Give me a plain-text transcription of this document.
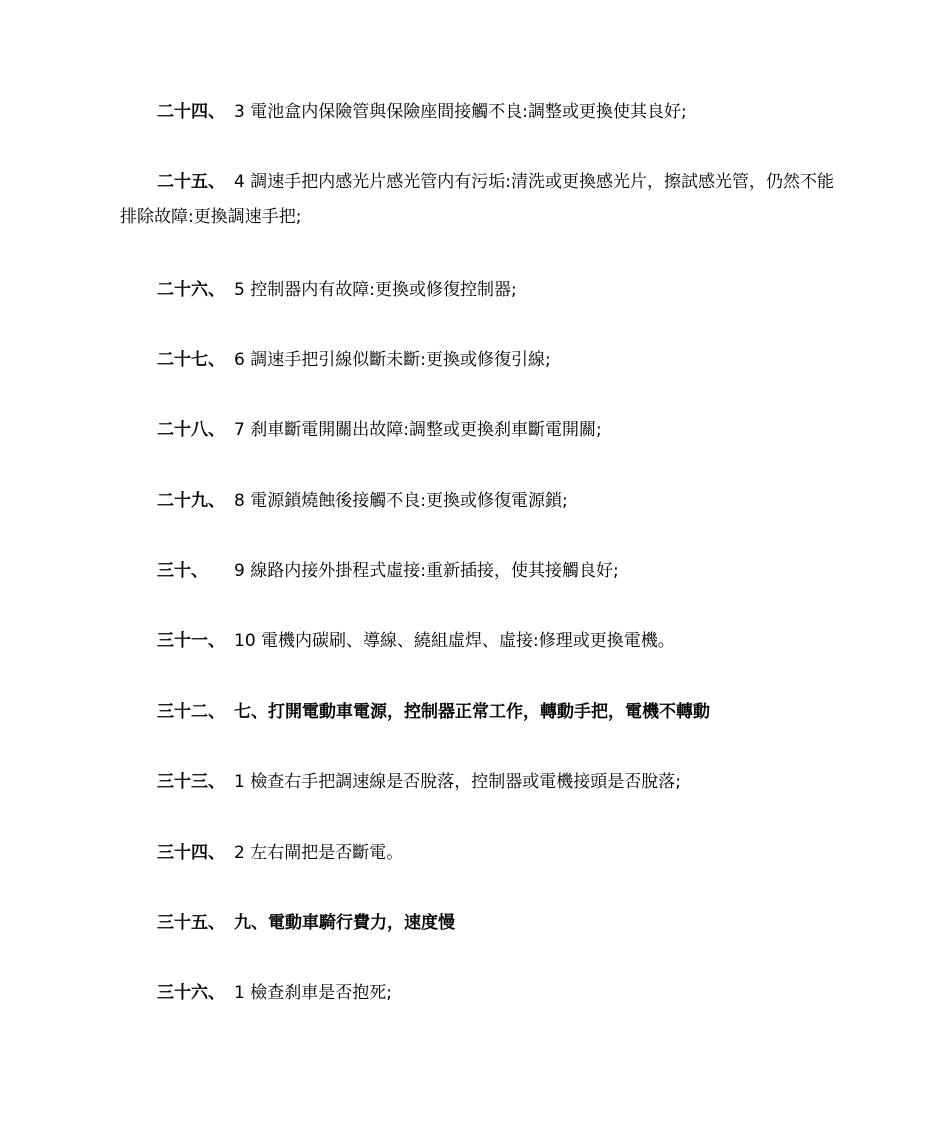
二十四、 3 電池盒内保險管與保險座間接觸不良:調整或更換使其良好;

二十五、 4 調速手把内感光片感光管内有污垢:清洗或更換感光片，擦試感光管，仍然不能排除故障:更換調速手把;

二十六、 5 控制器内有故障:更換或修復控制器;

二十七、 6 調速手把引線似斷未斷:更換或修復引線;

二十八、 7 刹車斷電開關出故障:調整或更換刹車斷電開關;

二十九、 8 電源鎖燒蝕後接觸不良:更換或修復電源鎖;

三十、 9 線路内接外掛程式虛接:重新插接，使其接觸良好;

三十一、 10 電機内碳刷、導線、繞組虛焊、虛接:修理或更換電機。

三十二、 七、打開電動車電源，控制器正常工作，轉動手把，電機不轉動

三十三、 1 檢查右手把調速線是否脫落，控制器或電機接頭是否脫落;

三十四、 2 左右閘把是否斷電。

三十五、 九、電動車騎行費力，速度慢

三十六、 1 檢查刹車是否抱死;
